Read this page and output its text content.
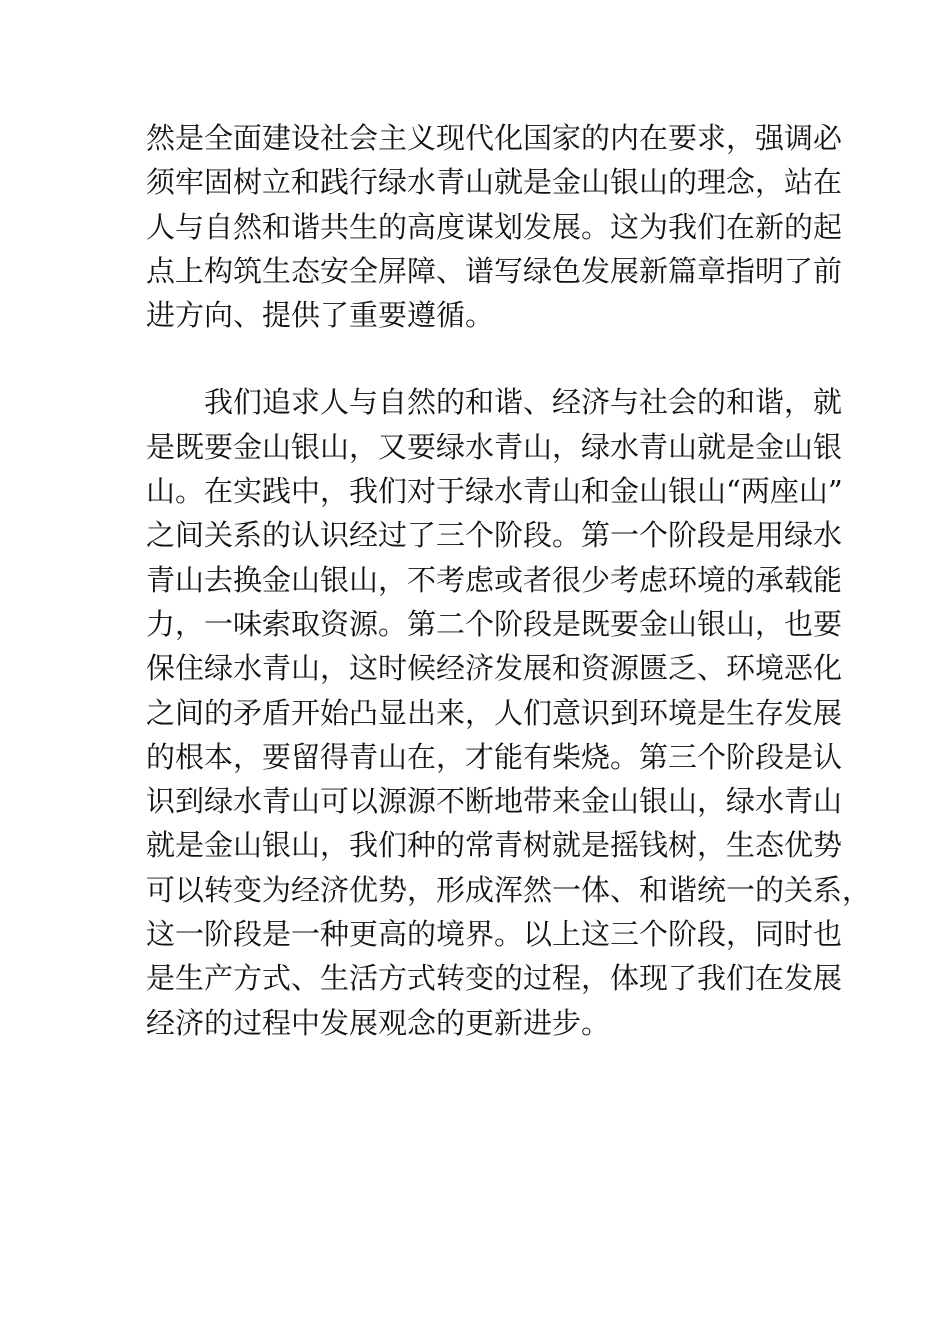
然是全面建设社会主义现代化国家的内在要求，强调必
须牢固树立和践行绿水青山就是金山银山的理念，站在
人与自然和谐共生的高度谋划发展。这为我们在新的起
点上构筑生态安全屏障、谱写绿色发展新篇章指明了前
进方向、提供了重要遵循。
我们追求人与自然的和谐、经济与社会的和谐，就
是既要金山银山，又要绿水青山，绿水青山就是金山银
山。在实践中，我们对于绿水青山和金山银山“两座山”
之间关系的认识经过了三个阶段。第一个阶段是用绿水
青山去换金山银山，不考虑或者很少考虑环境的承载能
力，一味索取资源。第二个阶段是既要金山银山，也要
保住绿水青山，这时候经济发展和资源匮乏、环境恶化
之间的矛盾开始凸显出来，人们意识到环境是生存发展
的根本，要留得青山在，才能有柴烧。第三个阶段是认
识到绿水青山可以源源不断地带来金山银山，绿水青山
就是金山银山，我们种的常青树就是摇钱树，生态优势
可以转变为经济优势，形成浑然一体、和谐统一的关系，
这一阶段是一种更高的境界。以上这三个阶段，同时也
是生产方式、生活方式转变的过程，体现了我们在发展
经济的过程中发展观念的更新进步。
